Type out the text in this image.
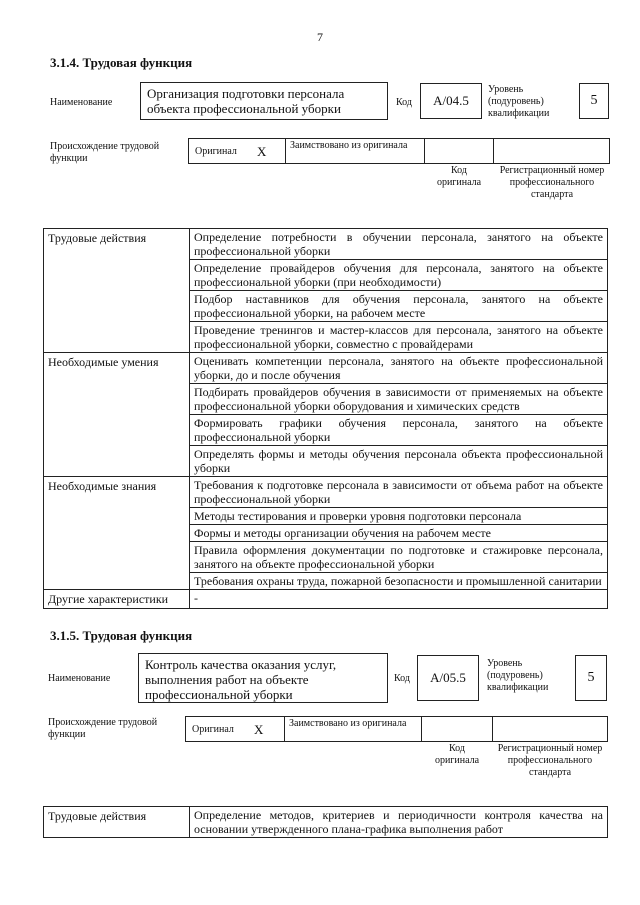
7
3.1.4. Трудовая функция
Наименование
Организация подготовки персонала объекта профессиональной уборки	Код	А/04.5
Уровень (подуровень) квалификации
5
Происхождение трудовой функции
Оригинал X	Заимствовано из оригинала
Код оригинала
Регистрационный номер профессионального стандарта
Трудовые действия	Определение потребности в обучении персонала, занятого на объекте профессиональной уборки
	Определение провайдеров обучения для персонала, занятого на объекте профессиональной уборки (при необходимости)
	Подбор наставников для обучения персонала, занятого на объекте профессиональной уборки, на рабочем месте
	Проведение тренингов и мастер-классов для персонала, занятого на объекте профессиональной уборки, совместно с провайдерами
Необходимые умения	Оценивать компетенции персонала, занятого на объекте профессиональной уборки, до и после обучения
	Подбирать провайдеров обучения в зависимости от применяемых на объекте профессиональной уборки оборудования и химических средств
	Формировать графики обучения персонала, занятого на объекте профессиональной уборки
	Определять формы и методы обучения персонала объекта профессиональной уборки
Необходимые знания	Требования к подготовке персонала в зависимости от объема работ на объекте профессиональной уборки
	Методы тестирования и проверки уровня подготовки персонала
	Формы и методы организации обучения на рабочем месте
	Правила оформления документации по подготовке и стажировке персонала, занятого на объекте профессиональной уборки
	Требования охраны труда, пожарной безопасности и промышленной санитарии
Другие характеристики	-
3.1.5. Трудовая функция
Наименование
Контроль качества оказания услуг, выполнения работ на объекте профессиональной уборки
Код	А/05.5
Уровень (подуровень) квалификации
5
Происхождение трудовой функции	Оригинал X	Заимствовано из оригинала
Код оригинала
Регистрационный номер профессионального стандарта
Трудовые действия	Определение методов, критериев и периодичности контроля качества на основании утвержденного плана-графика выполнения работ
